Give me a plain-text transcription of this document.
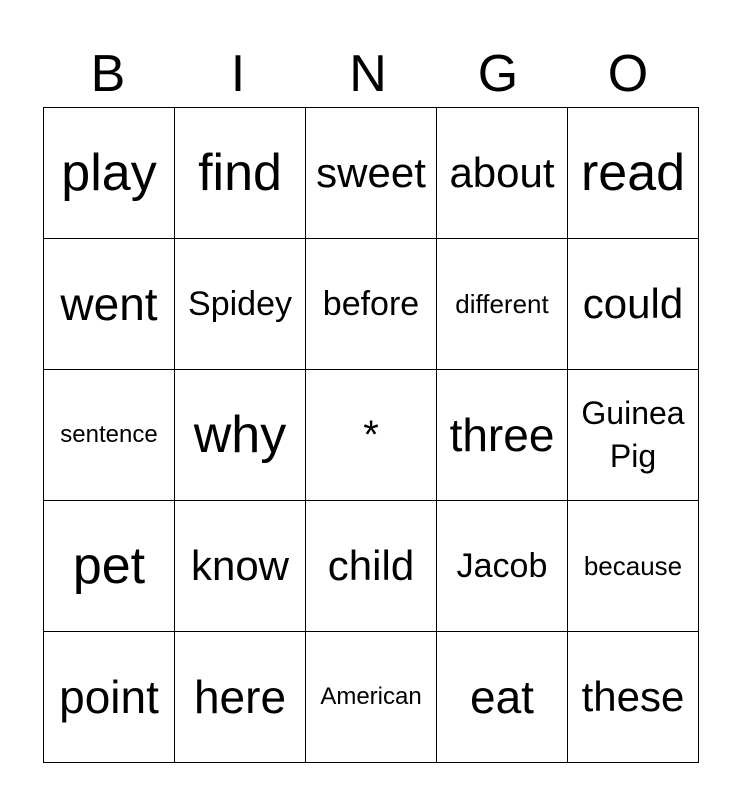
B	I	N	G	O
play	find	sweet	about	read
went	Spidey	before	different	could
sentence	why	*	three	Guinea Pig
pet	know	child	Jacob	because
point	here	American	eat	these
